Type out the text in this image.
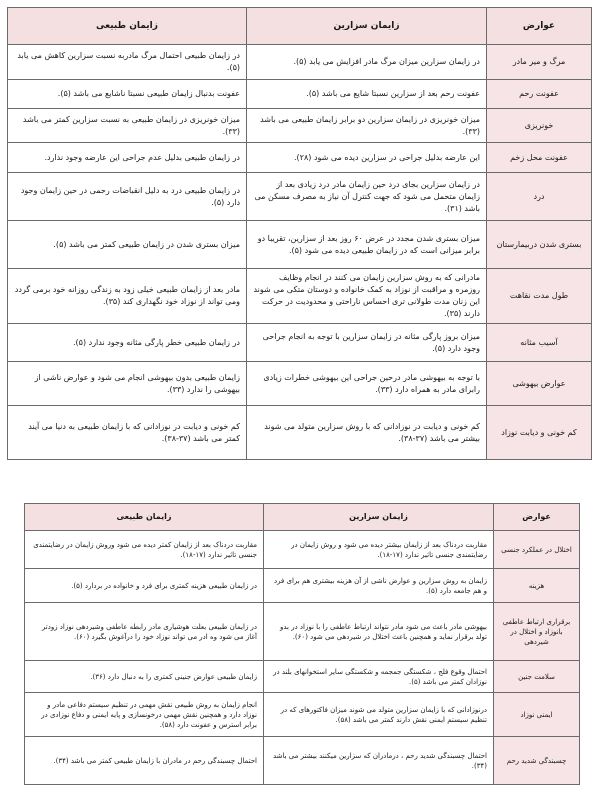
عوارض	زایمان سزارین	زایمان طبیعی
مرگ و میر مادر	در زایمان سزارین میزان مرگ مادر افزایش می یابد (۵).	در زایمان طبیعی احتمال مرگ مادربه نسبت سزارین کاهش می یابد (۵).
عفونت رحم	عفونت رحم بعد از سزارین نسبتا شایع می باشد (۵).	عفونت بدنبال زایمان طبیعی نسبتا ناشایع می باشد (۵).
خونریزی	میزان خونریزی در زایمان سزارین دو برابر زایمان طبیعی می باشد (۳۳).	میزان خونریزی در زایمان طبیعی به نسبت سزارین کمتر می باشد (۳۳).
عفونت محل زخم	این عارضه بدلیل جراحی در سزارین دیده می شود (۲۸).	در زایمان طبیعی بدلیل عدم جراحی این عارضه وجود ندارد.
درد	در زایمان سزارین بجای درد حین زایمان مادر درد زیادی بعد از زایمان متحمل می شود که جهت کنترل آن نیاز به مصرف مسکن می باشد (۳۱).	در زایمان طبیعی درد به دلیل انقباضات رحمی در حین زایمان وجود دارد (۵).
بستری شدن دربیمارستان	میزان بستری شدن مجدد در عرض ۶۰ روز بعد از سزارین، تقریبا دو برابر میزانی است که در زایمان طبیعی دیده می شود (۵).	میزان بستری شدن در زایمان طبیعی کمتر می باشد (۵).
طول مدت نقاهت	مادرانی که به روش سزارین زایمان می کنند در انجام وظایف روزمره و مراقبت از نوزاد به کمک خانواده و دوستان متکی می شوند این زنان مدت طولانی تری احساس ناراحتی و محدودیت در حرکت دارند (۳۵).	مادر بعد از زایمان طبیعی خیلی زود به زندگی روزانه خود برمی گردد ومی تواند از نوزاد خود نگهداری کند (۳۵).
آسیب مثانه	میزان بروز پارگی مثانه در زایمان سزارین با توجه به انجام جراحی وجود دارد (۵).	در زایمان طبیعی خطر پارگی مثانه وجود ندارد (۵).
عوارض بیهوشی	با توجه به بیهوشی مادر درحین جراحی این بیهوشی خطرات زیادی رابرای مادر به همراه دارد (۳۳).	زایمان طبیعی بدون بیهوشی انجام می شود و عوارض ناشی از بیهوشی را ندارد (۳۳).
کم خونی و دیابت نوزاد	کم خونی و دیابت در نوزادانی که با روش سزارین متولد می شوند بیشتر می باشد (۳۷-۳۸).	کم خونی و دیابت در نوزادانی که با زایمان طبیعی به دنیا می آیند کمتر می باشد (۳۷-۳۸).
عوارض	زایمان سزارین	زایمان طبیعی
اختلال در عملکرد جنسی	مقاربت دردناک بعد از زایمان بیشتر دیده می شود و روش زایمان در رضایتمندی جنسی تاثیر ندارد (۱۷-۱۸).	مقاربت دردناک بعد از زایمان کمتر دیده می شود وروش زایمان در رضایتمندی جنسی تاثیر ندارد (۱۷-۱۸).
هزینه	زایمان به روش سزارین و عوارض ناشی از آن هزینه بیشتری هم برای فرد و هم جامعه دارد (۵).	در زایمان طبیعی هزینه کمتری برای فرد و خانواده در بردارد (۵).
برقراری ارتباط عاطفی بانوزاد و اختلال در شیردهی	بیهوشی مادر باعث می شود مادر نتواند ارتباط عاطفی را با نوزاد در بدو تولد برقرار نماید و همچنین باعث اختلال در شیردهی می شود (۶۰).	در زایمان طبیعی بعلت هوشیاری مادر رابطه عاطفی وشیردهی نوزاد زودتر آغاز می شود وه ادر می تواند نوزاد خود را درآغوش بگیرد (۶۰).
سلامت جنین	احتمال وقوع فلج ، شکستگی جمجمه و شکستگی سایر استخوانهای بلند در نوزادان کمتر می باشد (۵).	زایمان طبیعی عوارض جنینی کمتری را به دنبال دارد (۳۶).
ایمنی نوزاد	درنوزادانی که با زایمان سزارین متولد می شوند میزان فاکتورهای که در تنظیم سیستم ایمنی نقش دارند کمتر می باشد (۵۸).	انجام زایمان به روش طبیعی نقش مهمی در تنظیم سیستم دفاعی مادر و نوزاد دارد و همچنین نقش مهمی درخونسازی و پایه ایمنی و دفاع نوزادی در برابر استرس و عفونت دارد (۵۸).
چسبندگی شدید رحم	احتمال چسبندگی شدید رحم ، درمادران که سزارین میکنند بیشتر می باشد (۳۴).	احتمال چسبندگی رحم در مادران با زایمان طبیعی کمتر می باشد (۳۴).
